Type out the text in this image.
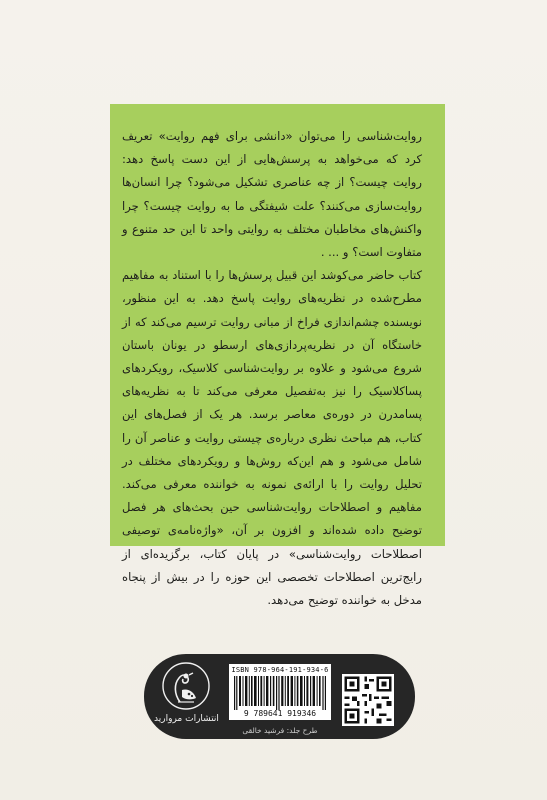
روایت‌شناسی را می‌توان «دانشی برای فهم روایت» تعریف کرد که می‌خواهد به پرسش‌هایی از این دست پاسخ دهد: روایت چیست؟ از چه عناصری تشکیل می‌شود؟ چرا انسان‌ها روایت‌سازی می‌کنند؟ علت شیفتگی ما به روایت چیست؟ چرا واکنش‌های مخاطبان مختلف به روایتی واحد تا این حد متنوع و متفاوت است؟ و ... .

کتاب حاضر می‌کوشد این قبیل پرسش‌ها را با استناد به مفاهیم مطرح‌شده در نظریه‌های روایت پاسخ دهد. به این منظور، نویسنده چشم‌اندازی فراخ از مبانی روایت ترسیم می‌کند که از خاستگاه آن در نظریه‌پردازی‌های ارسطو در یونان باستان شروع می‌شود و علاوه بر روایت‌شناسی کلاسیک، رویکردهای پساکلاسیک را نیز به‌تفصیل معرفی می‌کند تا به نظریه‌های پسامدرن در دوره‌ی معاصر برسد. هر یک از فصل‌های این کتاب، هم مباحث نظری درباره‌ی چیستی روایت و عناصر آن را شامل می‌شود و هم این‌که روش‌ها و رویکردهای مختلف در تحلیل روایت را با ارائه‌ی نمونه به خواننده معرفی می‌کند. مفاهیم و اصطلاحات روایت‌شناسی حین بحث‌های هر فصل توضیح داده شده‌اند و افزون بر آن، «واژه‌نامه‌ی توصیفی اصطلاحات روایت‌شناسی» در پایان کتاب، برگزیده‌ای از رایج‌ترین اصطلاحات تخصصی این حوزه را در بیش از پنجاه مدخل به خواننده توضیح می‌دهد.

انتشارات مروارید
ISBN 978-964-191-934-6
9 789641 919346
طرح جلد: فرشید خالقی
